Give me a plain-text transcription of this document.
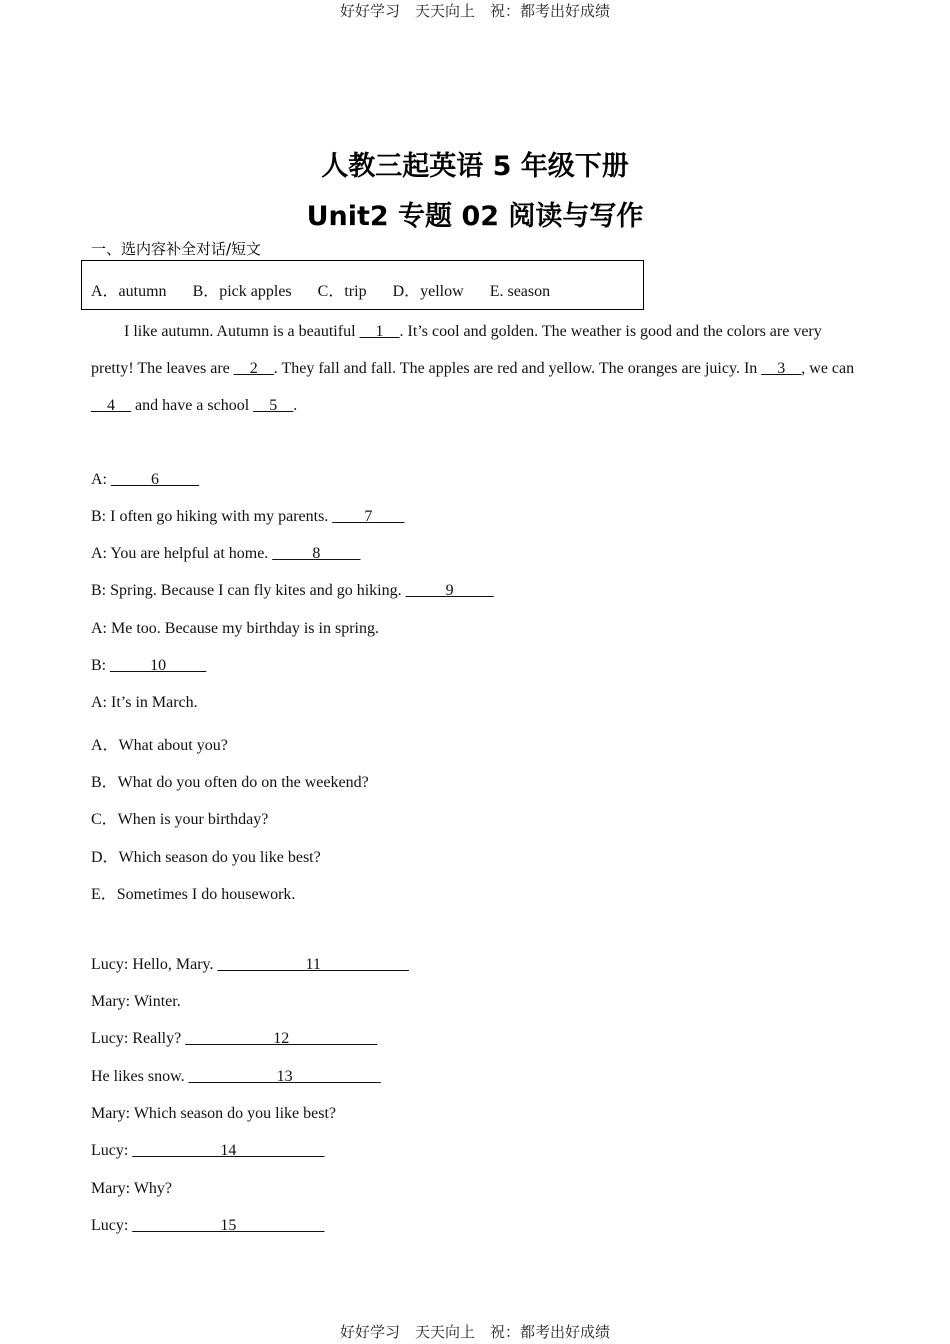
好好学习　天天向上　祝：都考出好成绩
人教三起英语 5 年级下册
Unit2 专题 02 阅读与写作
一、选内容补全对话/短文
A．autumn B．pick apples C．trip D．yellow E. season

I like autumn. Autumn is a beautiful __1__. It’s cool and golden. The weather is good and the colors are very pretty! The leaves are __2__. They fall and fall. The apples are red and yellow. The oranges are juicy. In __3__, we can __4__ and have a school __5__.

A: _____6_____
B: I often go hiking with my parents. ____7____
A: You are helpful at home. _____8_____
B: Spring. Because I can fly kites and go hiking. _____9_____
A: Me too. Because my birthday is in spring.
B: _____10_____
A: It’s in March.
A．What about you?
B．What do you often do on the weekend?
C．When is your birthday?
D．Which season do you like best?
E．Sometimes I do housework.
Lucy: Hello, Mary. ___________11___________
Mary: Winter.
Lucy: Really? ___________12___________
He likes snow. ___________13___________
Mary: Which season do you like best?
Lucy: ___________14___________
Mary: Why?
Lucy: ___________15___________
好好学习　天天向上　祝：都考出好成绩
